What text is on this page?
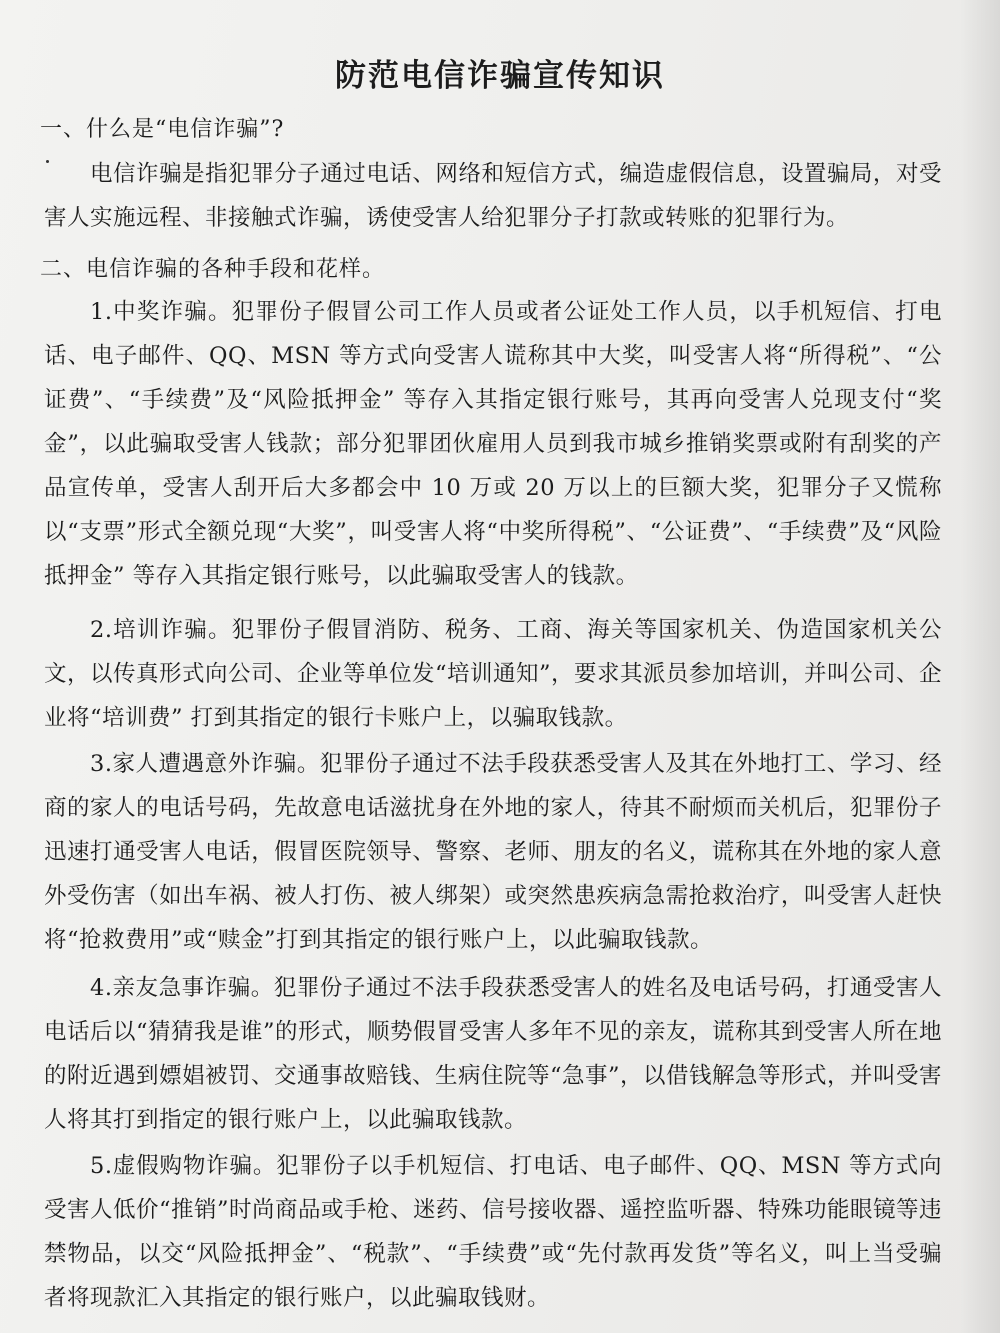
防范电信诈骗宣传知识

一、什么是“电信诈骗”?

电信诈骗是指犯罪分子通过电话、网络和短信方式，编造虚假信息，设置骗局，对受害人实施远程、非接触式诈骗，诱使受害人给犯罪分子打款或转账的犯罪行为。

二、电信诈骗的各种手段和花样。

1.中奖诈骗。犯罪份子假冒公司工作人员或者公证处工作人员，以手机短信、打电话、电子邮件、QQ、MSN 等方式向受害人谎称其中大奖，叫受害人将“所得税”、“公证费”、“手续费”及“风险抵押金” 等存入其指定银行账号，其再向受害人兑现支付“奖金”，以此骗取受害人钱款；部分犯罪团伙雇用人员到我市城乡推销奖票或附有刮奖的产品宣传单，受害人刮开后大多都会中 10 万或 20 万以上的巨额大奖，犯罪分子又慌称以“支票”形式全额兑现“大奖”，叫受害人将“中奖所得税”、“公证费”、“手续费”及“风险抵押金” 等存入其指定银行账号，以此骗取受害人的钱款。

2.培训诈骗。犯罪份子假冒消防、税务、工商、海关等国家机关、伪造国家机关公文，以传真形式向公司、企业等单位发“培训通知”，要求其派员参加培训，并叫公司、企业将“培训费” 打到其指定的银行卡账户上，以骗取钱款。

3.家人遭遇意外诈骗。犯罪份子通过不法手段获悉受害人及其在外地打工、学习、经商的家人的电话号码，先故意电话滋扰身在外地的家人，待其不耐烦而关机后，犯罪份子迅速打通受害人电话，假冒医院领导、警察、老师、朋友的名义，谎称其在外地的家人意外受伤害（如出车祸、被人打伤、被人绑架）或突然患疾病急需抢救治疗，叫受害人赶快将“抢救费用”或“赎金”打到其指定的银行账户上，以此骗取钱款。

4.亲友急事诈骗。犯罪份子通过不法手段获悉受害人的姓名及电话号码，打通受害人电话后以“猜猜我是谁”的形式，顺势假冒受害人多年不见的亲友，谎称其到受害人所在地的附近遇到嫖娼被罚、交通事故赔钱、生病住院等“急事”，以借钱解急等形式，并叫受害人将其打到指定的银行账户上，以此骗取钱款。

5.虚假购物诈骗。犯罪份子以手机短信、打电话、电子邮件、QQ、MSN 等方式向受害人低价“推销”时尚商品或手枪、迷药、信号接收器、遥控监听器、特殊功能眼镜等违禁物品，以交“风险抵押金”、“税款”、“手续费”或“先付款再发货”等名义，叫上当受骗者将现款汇入其指定的银行账户，以此骗取钱财。
